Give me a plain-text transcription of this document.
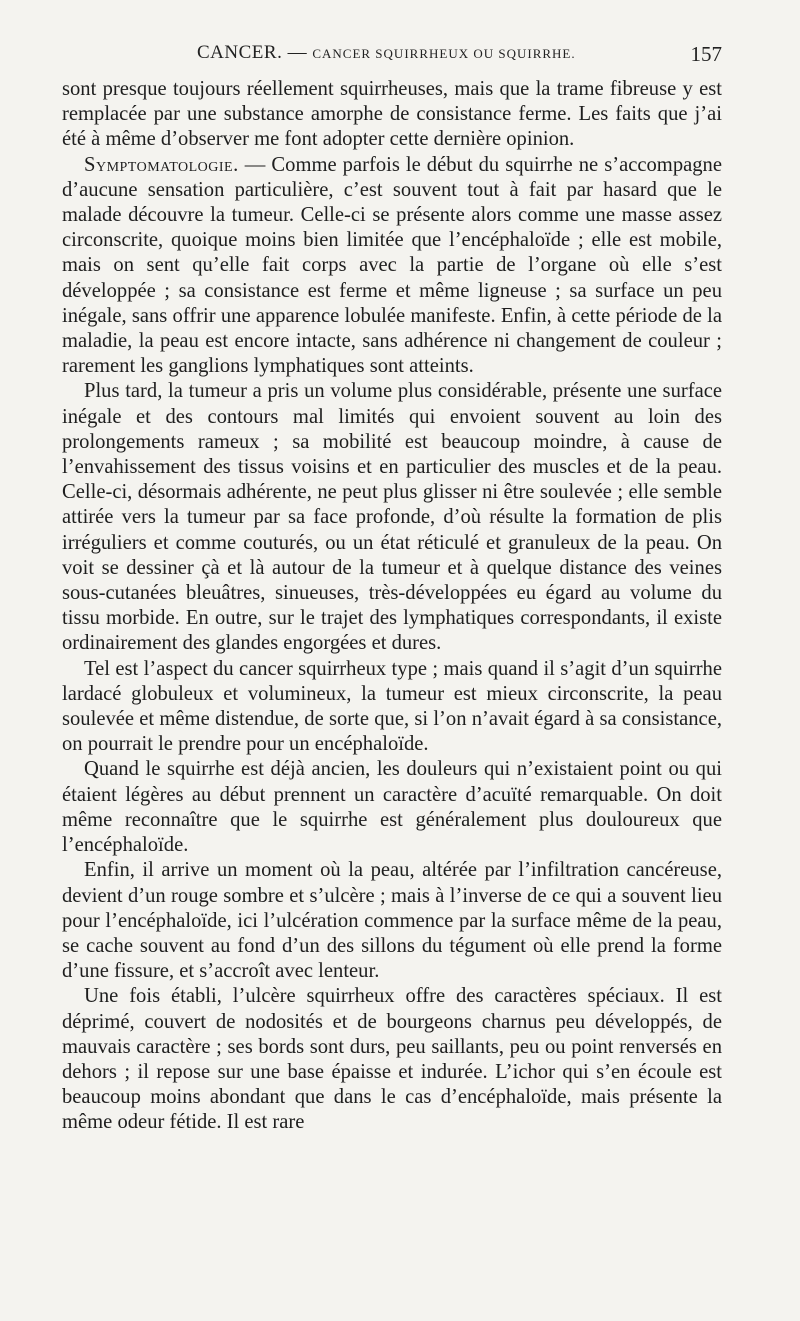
CANCER. — CANCER SQUIRRHEUX OU SQUIRRHE.	157

sont presque toujours réellement squirrheuses, mais que la trame fibreuse y est remplacée par une substance amorphe de consistance ferme. Les faits que j’ai été à même d’observer me font adopter cette dernière opinion.

Symptomatologie. — Comme parfois le début du squirrhe ne s’accompagne d’aucune sensation particulière, c’est souvent tout à fait par hasard que le malade découvre la tumeur. Celle-ci se présente alors comme une masse assez circonscrite, quoique moins bien limitée que l’encéphaloïde ; elle est mobile, mais on sent qu’elle fait corps avec la partie de l’organe où elle s’est développée ; sa consistance est ferme et même ligneuse ; sa surface un peu inégale, sans offrir une apparence lobulée manifeste. Enfin, à cette période de la maladie, la peau est encore intacte, sans adhérence ni changement de couleur ; rarement les ganglions lymphatiques sont atteints.

Plus tard, la tumeur a pris un volume plus considérable, présente une surface inégale et des contours mal limités qui envoient souvent au loin des prolongements rameux ; sa mobilité est beaucoup moindre, à cause de l’envahissement des tissus voisins et en particulier des muscles et de la peau. Celle-ci, désormais adhérente, ne peut plus glisser ni être soulevée ; elle semble attirée vers la tumeur par sa face profonde, d’où résulte la formation de plis irréguliers et comme couturés, ou un état réticulé et granuleux de la peau. On voit se dessiner çà et là autour de la tumeur et à quelque distance des veines sous-cutanées bleuâtres, sinueuses, très-développées eu égard au volume du tissu morbide. En outre, sur le trajet des lymphatiques correspondants, il existe ordinairement des glandes engorgées et dures.

Tel est l’aspect du cancer squirrheux type ; mais quand il s’agit d’un squirrhe lardacé globuleux et volumineux, la tumeur est mieux circonscrite, la peau soulevée et même distendue, de sorte que, si l’on n’avait égard à sa consistance, on pourrait le prendre pour un encéphaloïde.

Quand le squirrhe est déjà ancien, les douleurs qui n’existaient point ou qui étaient légères au début prennent un caractère d’acuïté remarquable. On doit même reconnaître que le squirrhe est généralement plus douloureux que l’encéphaloïde.

Enfin, il arrive un moment où la peau, altérée par l’infiltration cancéreuse, devient d’un rouge sombre et s’ulcère ; mais à l’inverse de ce qui a souvent lieu pour l’encéphaloïde, ici l’ulcération commence par la surface même de la peau, se cache souvent au fond d’un des sillons du tégument où elle prend la forme d’une fissure, et s’accroît avec lenteur.

Une fois établi, l’ulcère squirrheux offre des caractères spéciaux. Il est déprimé, couvert de nodosités et de bourgeons charnus peu développés, de mauvais caractère ; ses bords sont durs, peu saillants, peu ou point renversés en dehors ; il repose sur une base épaisse et indurée. L’ichor qui s’en écoule est beaucoup moins abondant que dans le cas d’encéphaloïde, mais présente la même odeur fétide. Il est rare
